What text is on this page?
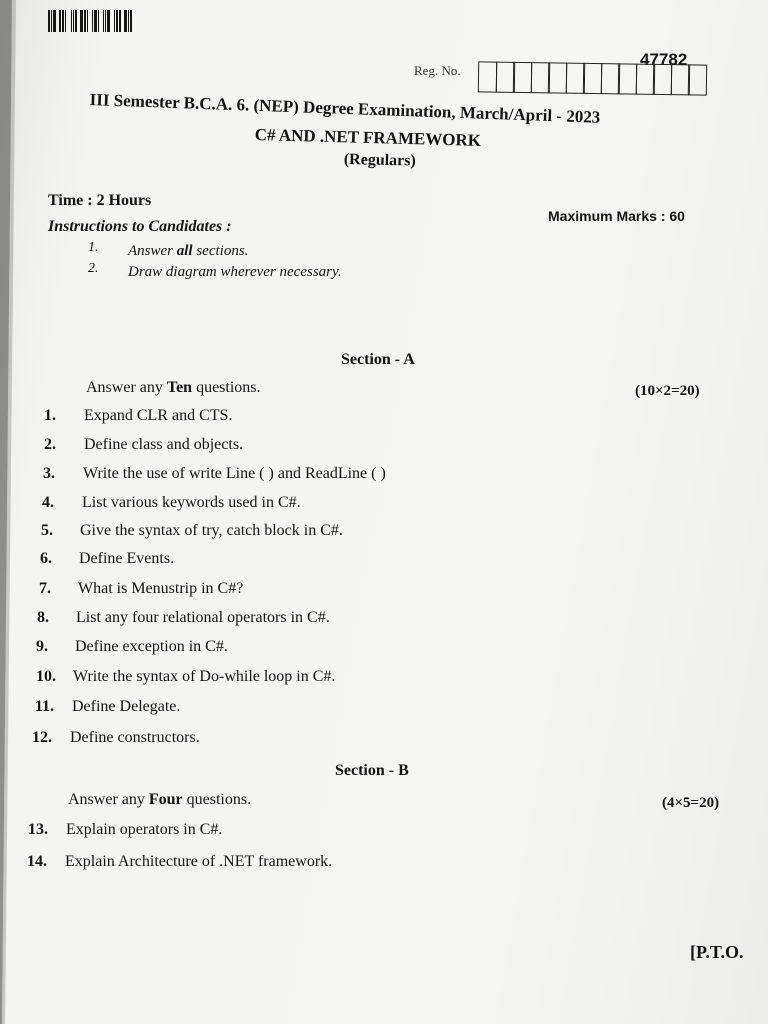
47782
Reg. No.
III Semester B.C.A. 6. (NEP) Degree Examination, March/April - 2023
C# AND .NET FRAMEWORK
(Regulars)
Time : 2 Hours
Maximum Marks : 60
Instructions to Candidates :
1. Answer all sections.
2. Draw diagram wherever necessary.
Section - A
Answer any Ten questions.	(10×2=20)
1. Expand CLR and CTS.
2. Define class and objects.
3. Write the use of write Line ( ) and ReadLine ( )
4. List various keywords used in C#.
5. Give the syntax of try, catch block in C#.
6. Define Events.
7. What is Menustrip in C#?
8. List any four relational operators in C#.
9. Define exception in C#.
10. Write the syntax of Do-while loop in C#.
11. Define Delegate.
12. Define constructors.
Section - B
Answer any Four questions.	(4×5=20)
13. Explain operators in C#.
14. Explain Architecture of .NET framework.
[P.T.O.
